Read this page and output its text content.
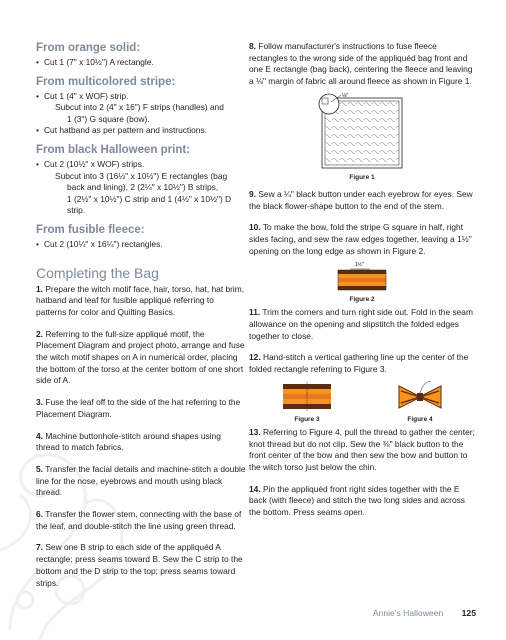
From orange solid:

• Cut 1 (7" x 10½") A rectangle.

From multicolored stripe:

• Cut 1 (4" x WOF) strip.

Subcut into 2 (4" x 16") F strips (handles) and

1 (3") G square (bow).

• Cut hatband as per pattern and instructions.

From black Halloween print:

• Cut 2 (10½" x WOF) strips.

Subcut into 3 (16½" x 10½") E rectangles (bag

back and lining), 2 (2¼" x 10½") B strips,

1 (2½" x 10½") C strip and 1 (4½" x 10½") D strip.

From fusible fleece:

• Cut 2 (10¼" x 16¼") rectangles.

Completing the Bag

1. Prepare the witch motif face, hair, torso, hat, hat brim, hatband and leaf for fusible appliqué referring to patterns for color and Quilting Basics.

2. Referring to the full-size appliqué motif, the Placement Diagram and project photo, arrange and fuse the witch motif shapes on A in numerical order, placing the bottom of the torso at the center bottom of one short side of A.

3. Fuse the leaf off to the side of the hat referring to the Placement Diagram.

4. Machine buttonhole-stitch around shapes using thread to match fabrics.

5. Transfer the facial details and machine-stitch a double line for the nose, eyebrows and mouth using black thread.

6. Transfer the flower stem, connecting with the base of the leaf, and double-stitch the line using green thread.

7. Sew one B strip to each side of the appliquéd A rectangle; press seams toward B. Sew the C strip to the bottom and the D strip to the top; press seams toward strips.

8. Follow manufacturer's instructions to fuse fleece rectangles to the wrong side of the appliquéd bag front and one E rectangle (bag back), centering the fleece and leaving a ⅛" margin of fabric all around fleece as shown in Figure 1.

⅛"
Figure 1

9. Sew a ¼" black button under each eyebrow for eyes. Sew the black flower-shape button to the end of the stem.

10. To make the bow, fold the stripe G square in half, right sides facing, and sew the raw edges together, leaving a 1½" opening on the long edge as shown in Figure 2.

1½"
Figure 2

11. Trim the corners and turn right side out. Fold in the seam allowance on the opening and slipstitch the folded edges together to close.

12. Hand-stitch a vertical gathering line up the center of the folded rectangle referring to Figure 3.

Figure 3	Figure 4

13. Referring to Figure 4, pull the thread to gather the center; knot thread but do not clip. Sew the ⅜" black button to the front center of the bow and then sew the bow and button to the witch torso just below the chin.

14. Pin the appliquéd front right sides together with the E back (with fleece) and stitch the two long sides and across the bottom. Press seams open.

Annie's Halloween 125
